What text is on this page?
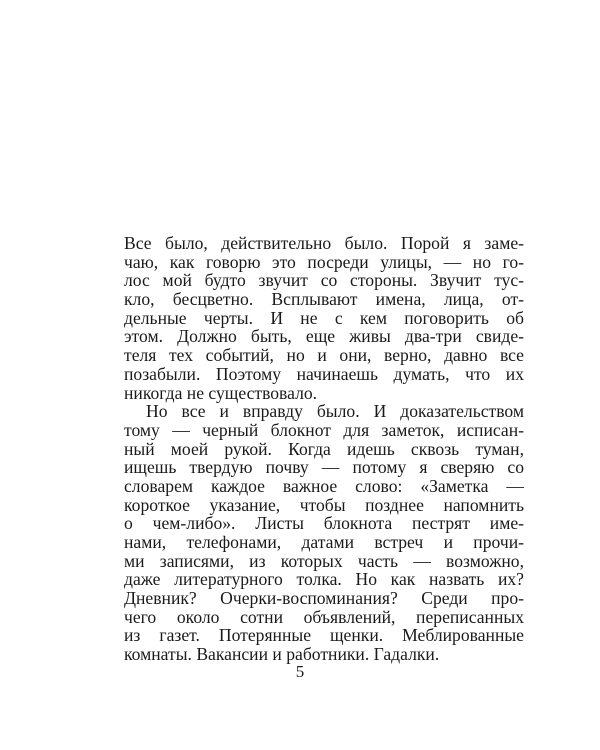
Все было, действительно было. Порой я заме-
чаю, как говорю это посреди улицы, — но го-
лос мой будто звучит со стороны. Звучит тус-
кло, бесцветно. Всплывают имена, лица, от-
дельные черты. И не с кем поговорить об
этом. Должно быть, еще живы два-три свиде-
теля тех событий, но и они, верно, давно все
позабыли. Поэтому начинаешь думать, что их
никогда не существовало.
Но все и вправду было. И доказательством
тому — черный блокнот для заметок, исписан-
ный моей рукой. Когда идешь сквозь туман,
ищешь твердую почву — потому я сверяю со
словарем каждое важное слово: «Заметка —
короткое указание, чтобы позднее напомнить
о чем-либо». Листы блокнота пестрят име-
нами, телефонами, датами встреч и прочи-
ми записями, из которых часть — возможно,
даже литературного толка. Но как назвать их?
Дневник? Очерки-воспоминания? Среди про-
чего около сотни объявлений, переписанных
из газет. Потерянные щенки. Меблированные
комнаты. Вакансии и работники. Гадалки.
5
